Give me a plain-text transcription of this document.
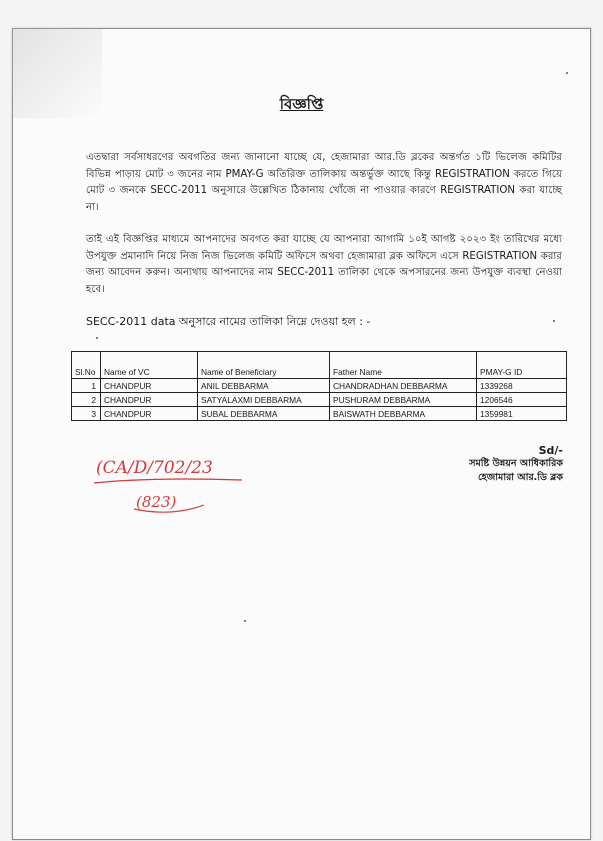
বিজ্ঞপ্তি
এতদ্বারা সর্বসাধরণের অবগতির জন্য জানানো যাচ্ছে যে, হেজামারা আর.ডি ব্লকের অন্তর্গত ১টি ভিলেজ কমিটির বিভিন্ন পাড়ায় মোট ৩ জনের নাম PMAY-G অতিরিক্ত তালিকায় অন্তর্ভুক্ত আছে কিন্তু REGISTRATION করতে গিয়ে মোট ৩ জনকে SECC-2011 অনুসারে উল্লেখিত ঠিকানায় খোঁজে না পাওয়ার কারণে REGISTRATION করা যাচ্ছে না।
তাই এই বিজ্ঞপ্তির মাধ্যমে আপনাদের অবগত করা যাচ্ছে যে আপনারা আগামি ১০ই আগষ্ট ২০২৩ ইং তারিখের মধ্যে উপযুক্ত প্রমানাদি নিয়ে নিজ নিজ ভিলেজ কমিটি অফিসে অথবা হেজামারা ব্লক অফিসে এসে REGISTRATION করার জন্য আবেদন করুন। অন্যথায় আপনাদের নাম SECC-2011 তালিকা থেকে অপসারনের জন্য উপযুক্ত ব্যবস্থা নেওয়া হবে।
SECC-2011 data অনুসারে নামের তালিকা নিম্নে দেওয়া হল : -
Sl.No	Name of VC	Name of Beneficiary	Father Name	PMAY-G ID
1	CHANDPUR	ANIL DEBBARMA	CHANDRADHAN DEBBARMA	1339268
2	CHANDPUR	SATYALAXMI DEBBARMA	PUSHURAM DEBBARMA	1206546
3	CHANDPUR	SUBAL DEBBARMA	BAISWATH DEBBARMA	1359981
Sd/-
সমষ্টি উন্নয়ন আধিকারিক
হেজামারা আর.ডি ব্লক
(CA/D/702/23
(823)
